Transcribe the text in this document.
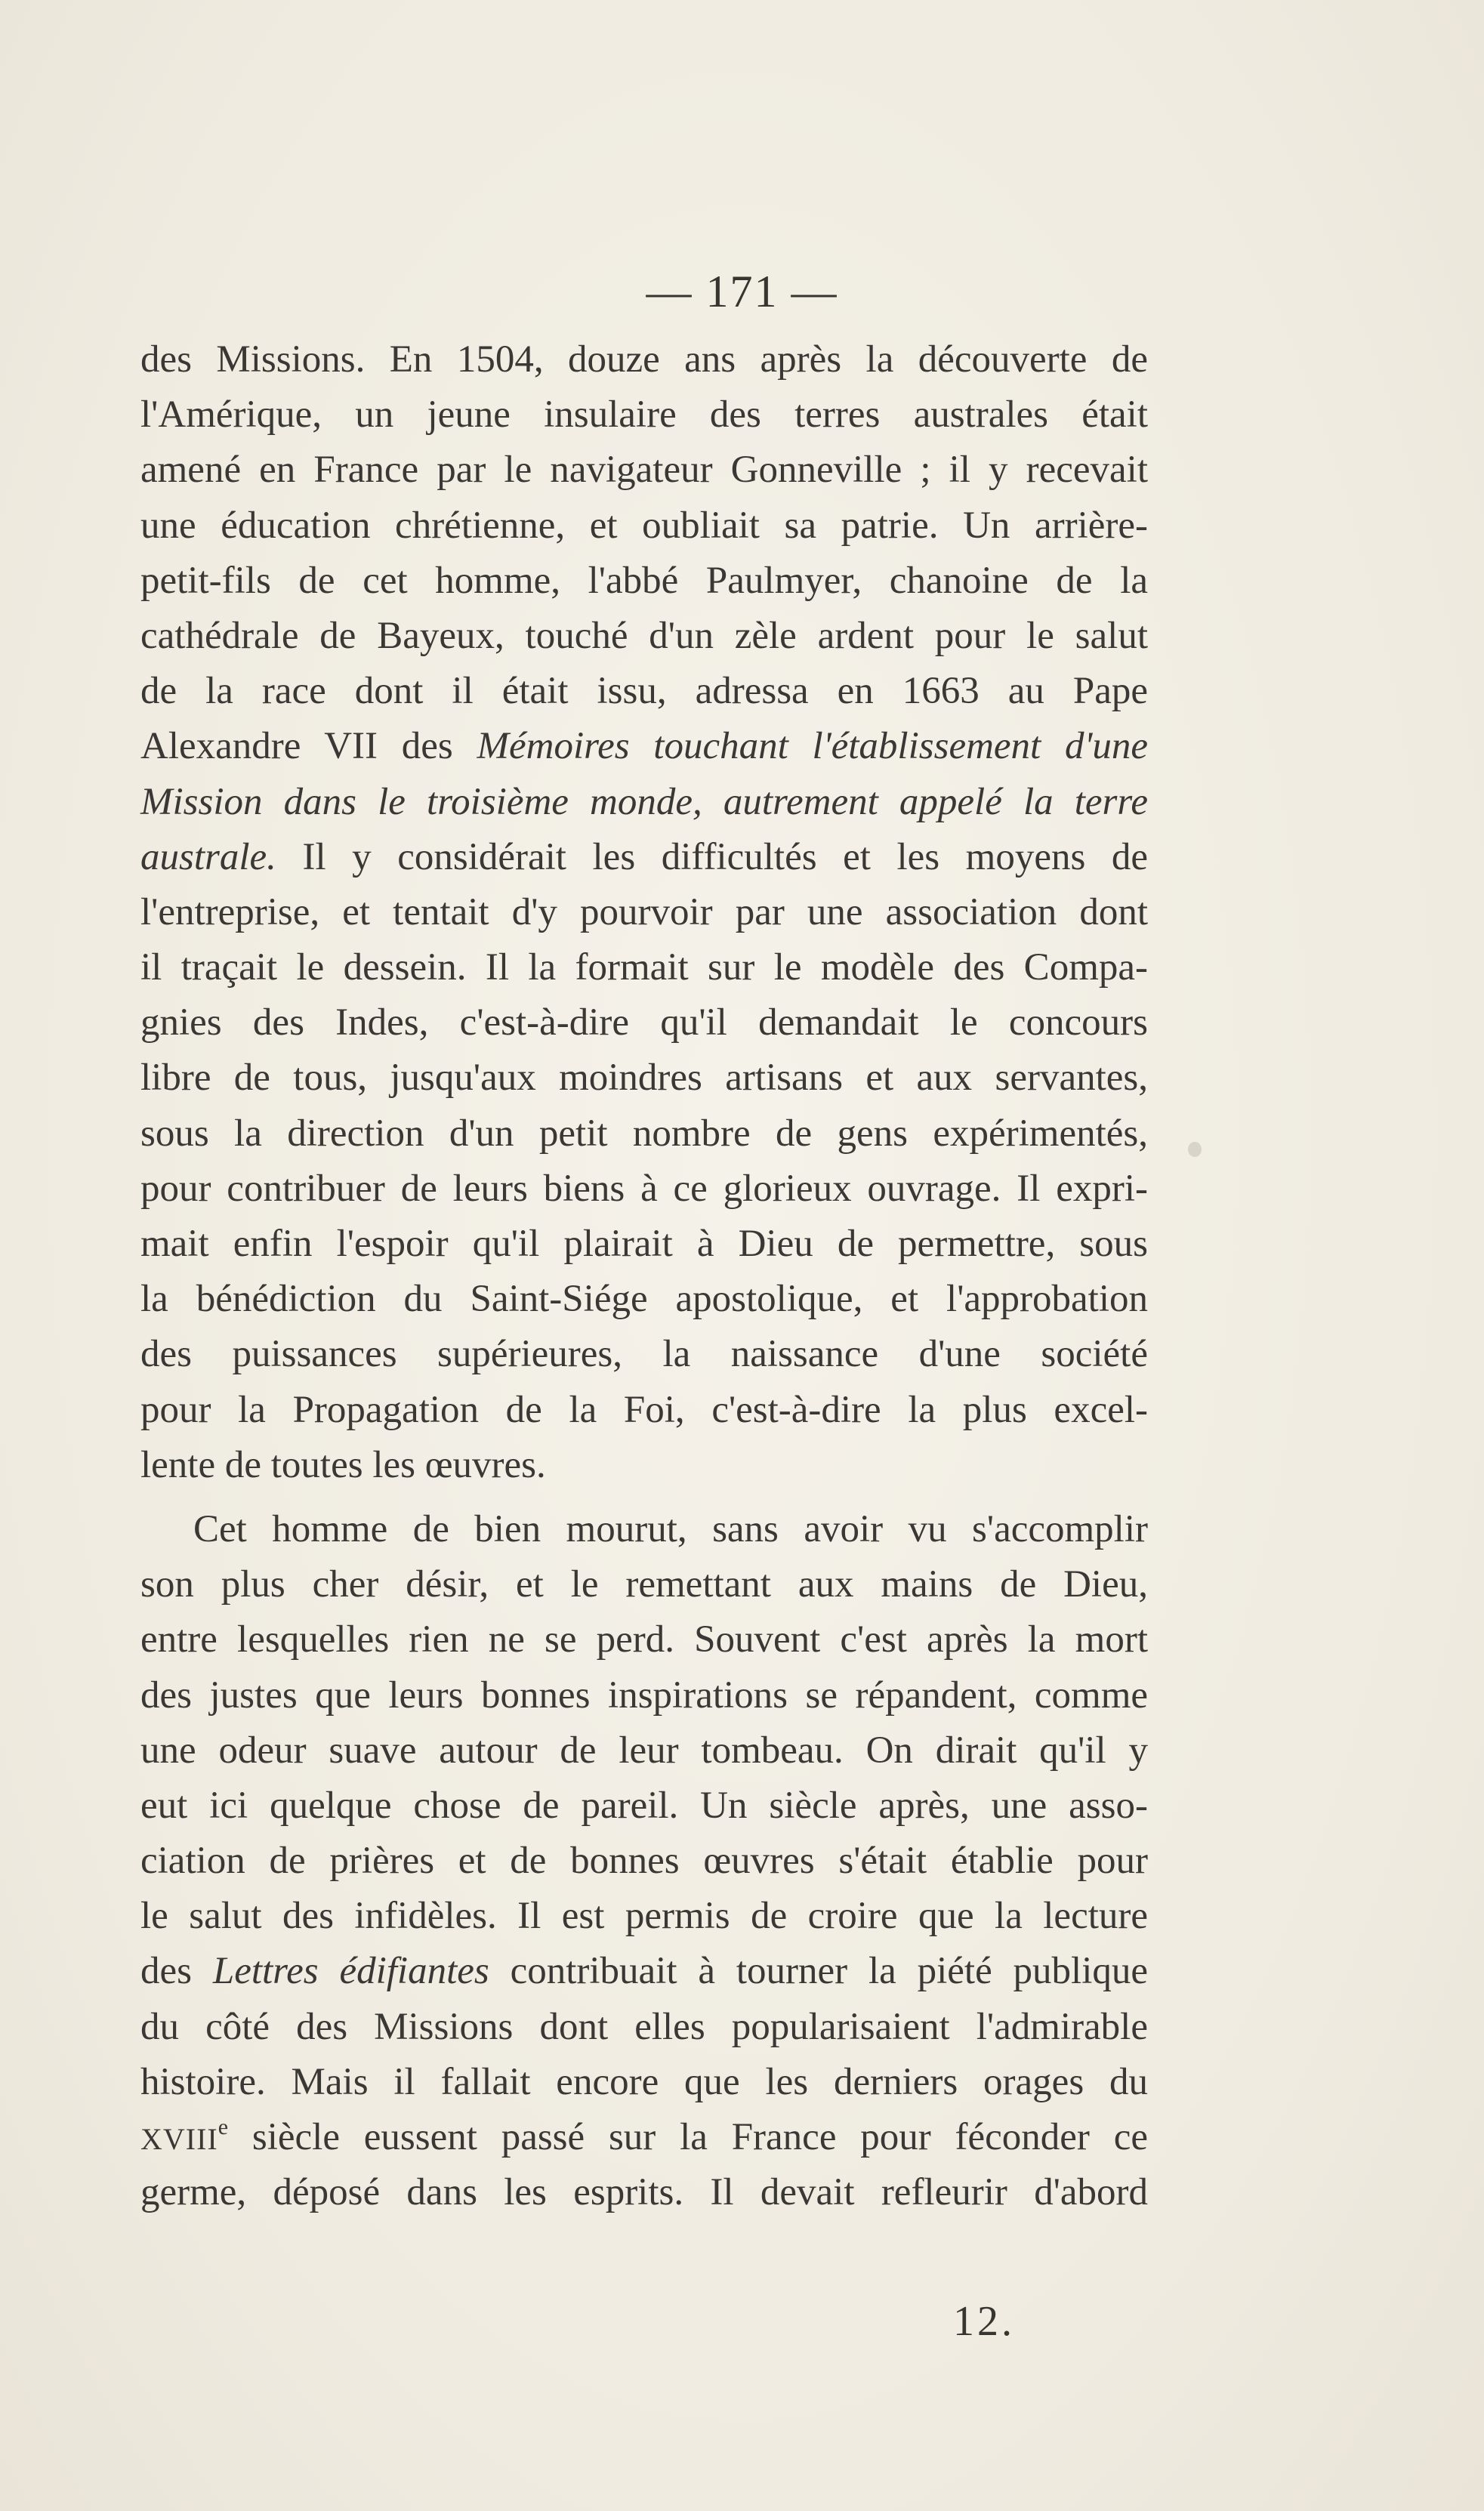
— 171 —
des Missions. En 1504, douze ans après la découverte de
l'Amérique, un jeune insulaire des terres australes était
amené en France par le navigateur Gonneville ; il y recevait
une éducation chrétienne, et oubliait sa patrie. Un arrière-
petit-fils de cet homme, l'abbé Paulmyer, chanoine de la
cathédrale de Bayeux, touché d'un zèle ardent pour le salut
de la race dont il était issu, adressa en 1663 au Pape
Alexandre VII des Mémoires touchant l'établissement d'une
Mission dans le troisième monde, autrement appelé la terre
australe. Il y considérait les difficultés et les moyens de
l'entreprise, et tentait d'y pourvoir par une association dont
il traçait le dessein. Il la formait sur le modèle des Compa-
gnies des Indes, c'est-à-dire qu'il demandait le concours
libre de tous, jusqu'aux moindres artisans et aux servantes,
sous la direction d'un petit nombre de gens expérimentés,
pour contribuer de leurs biens à ce glorieux ouvrage. Il expri-
mait enfin l'espoir qu'il plairait à Dieu de permettre, sous
la bénédiction du Saint-Siége apostolique, et l'approbation
des puissances supérieures, la naissance d'une société
pour la Propagation de la Foi, c'est-à-dire la plus excel-
lente de toutes les œuvres.
Cet homme de bien mourut, sans avoir vu s'accomplir
son plus cher désir, et le remettant aux mains de Dieu,
entre lesquelles rien ne se perd. Souvent c'est après la mort
des justes que leurs bonnes inspirations se répandent, comme
une odeur suave autour de leur tombeau. On dirait qu'il y
eut ici quelque chose de pareil. Un siècle après, une asso-
ciation de prières et de bonnes œuvres s'était établie pour
le salut des infidèles. Il est permis de croire que la lecture
des Lettres édifiantes contribuait à tourner la piété publique
du côté des Missions dont elles popularisaient l'admirable
histoire. Mais il fallait encore que les derniers orages du
XVIIIe siècle eussent passé sur la France pour féconder ce
germe, déposé dans les esprits. Il devait refleurir d'abord
12.
